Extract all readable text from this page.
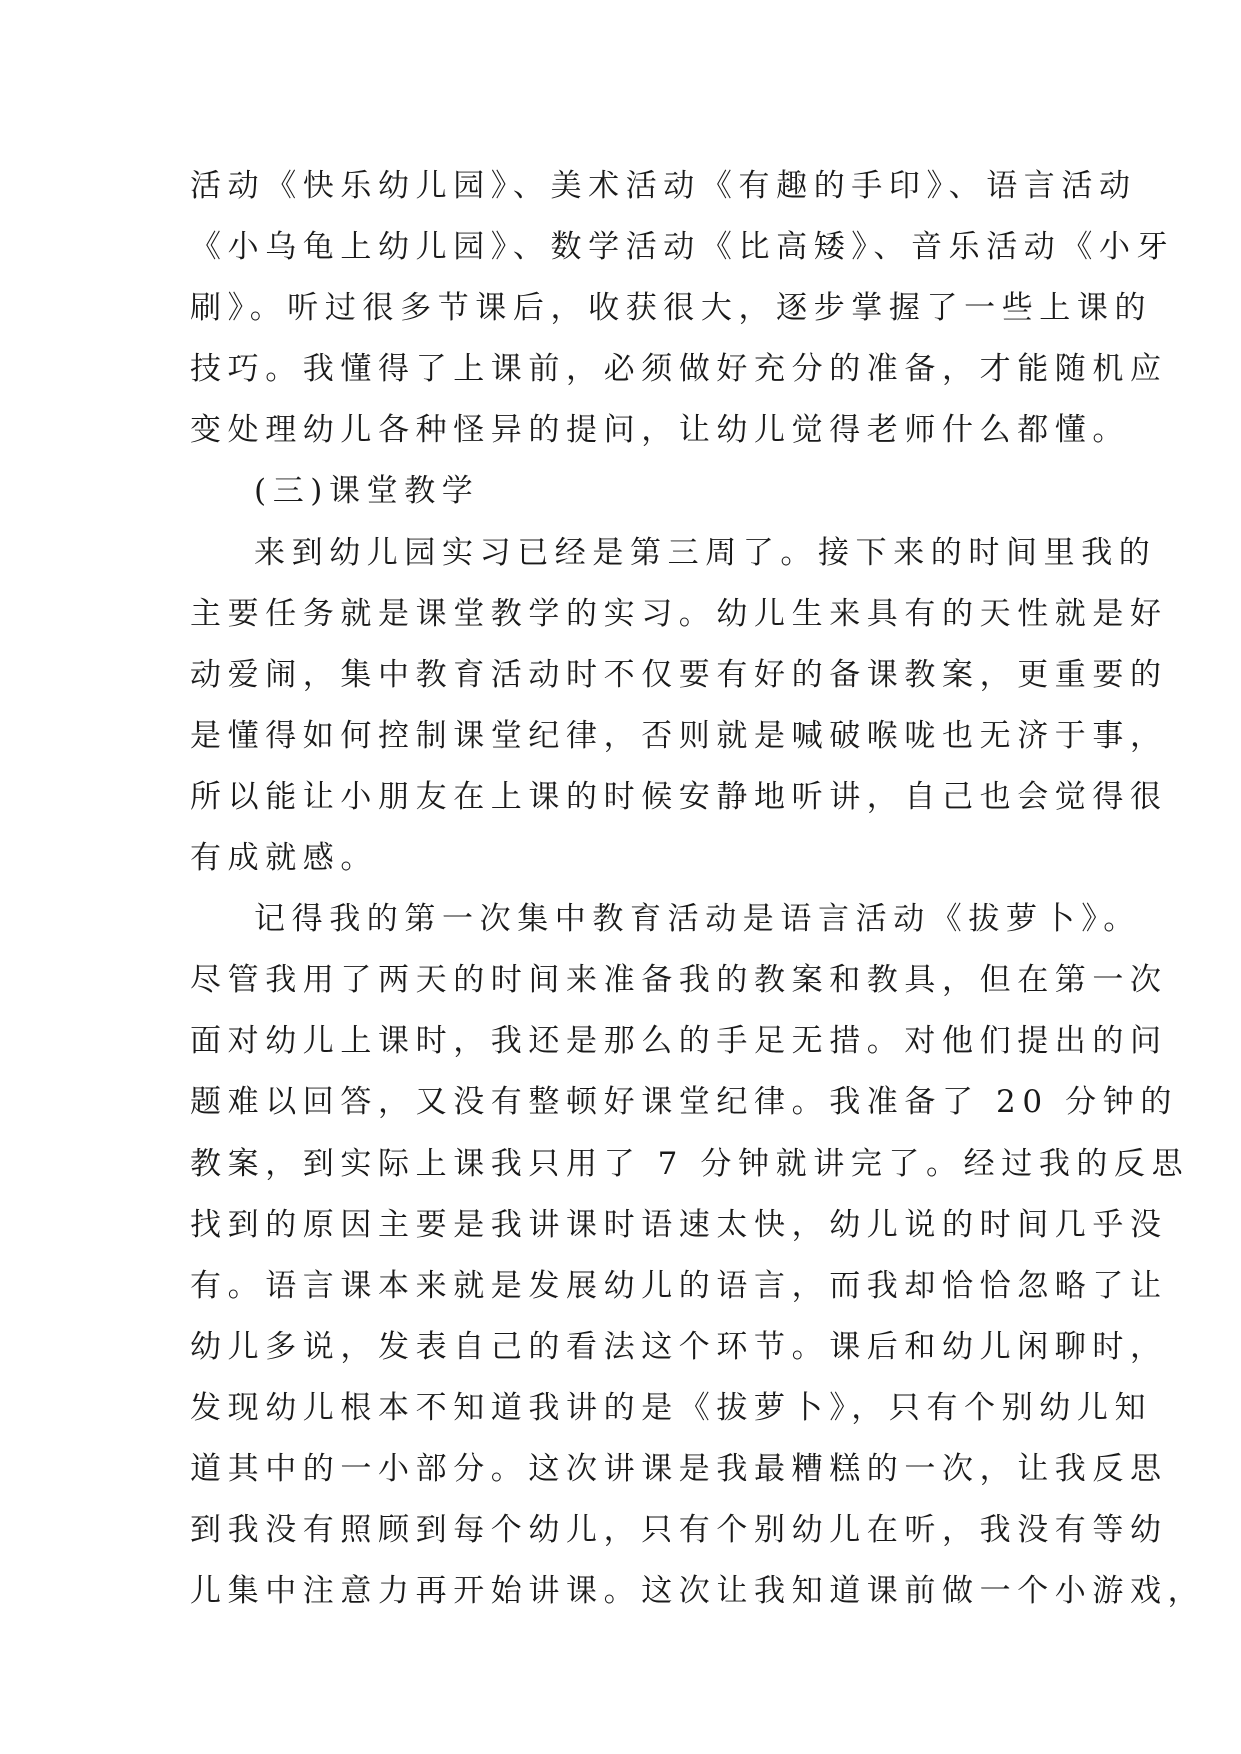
活动《快乐幼儿园》、美术活动《有趣的手印》、语言活动
《小乌龟上幼儿园》、数学活动《比高矮》、音乐活动《小牙
刷》。听过很多节课后，收获很大，逐步掌握了一些上课的
技巧。我懂得了上课前，必须做好充分的准备，才能随机应
变处理幼儿各种怪异的提问，让幼儿觉得老师什么都懂。
(三)课堂教学
来到幼儿园实习已经是第三周了。接下来的时间里我的
主要任务就是课堂教学的实习。幼儿生来具有的天性就是好
动爱闹，集中教育活动时不仅要有好的备课教案，更重要的
是懂得如何控制课堂纪律，否则就是喊破喉咙也无济于事，
所以能让小朋友在上课的时候安静地听讲，自己也会觉得很
有成就感。
记得我的第一次集中教育活动是语言活动《拔萝卜》。
尽管我用了两天的时间来准备我的教案和教具，但在第一次
面对幼儿上课时，我还是那么的手足无措。对他们提出的问
题难以回答，又没有整顿好课堂纪律。我准备了 20 分钟的
教案，到实际上课我只用了 7 分钟就讲完了。经过我的反思
找到的原因主要是我讲课时语速太快，幼儿说的时间几乎没
有。语言课本来就是发展幼儿的语言，而我却恰恰忽略了让
幼儿多说，发表自己的看法这个环节。课后和幼儿闲聊时，
发现幼儿根本不知道我讲的是《拔萝卜》，只有个别幼儿知
道其中的一小部分。这次讲课是我最糟糕的一次，让我反思
到我没有照顾到每个幼儿，只有个别幼儿在听，我没有等幼
儿集中注意力再开始讲课。这次让我知道课前做一个小游戏，
